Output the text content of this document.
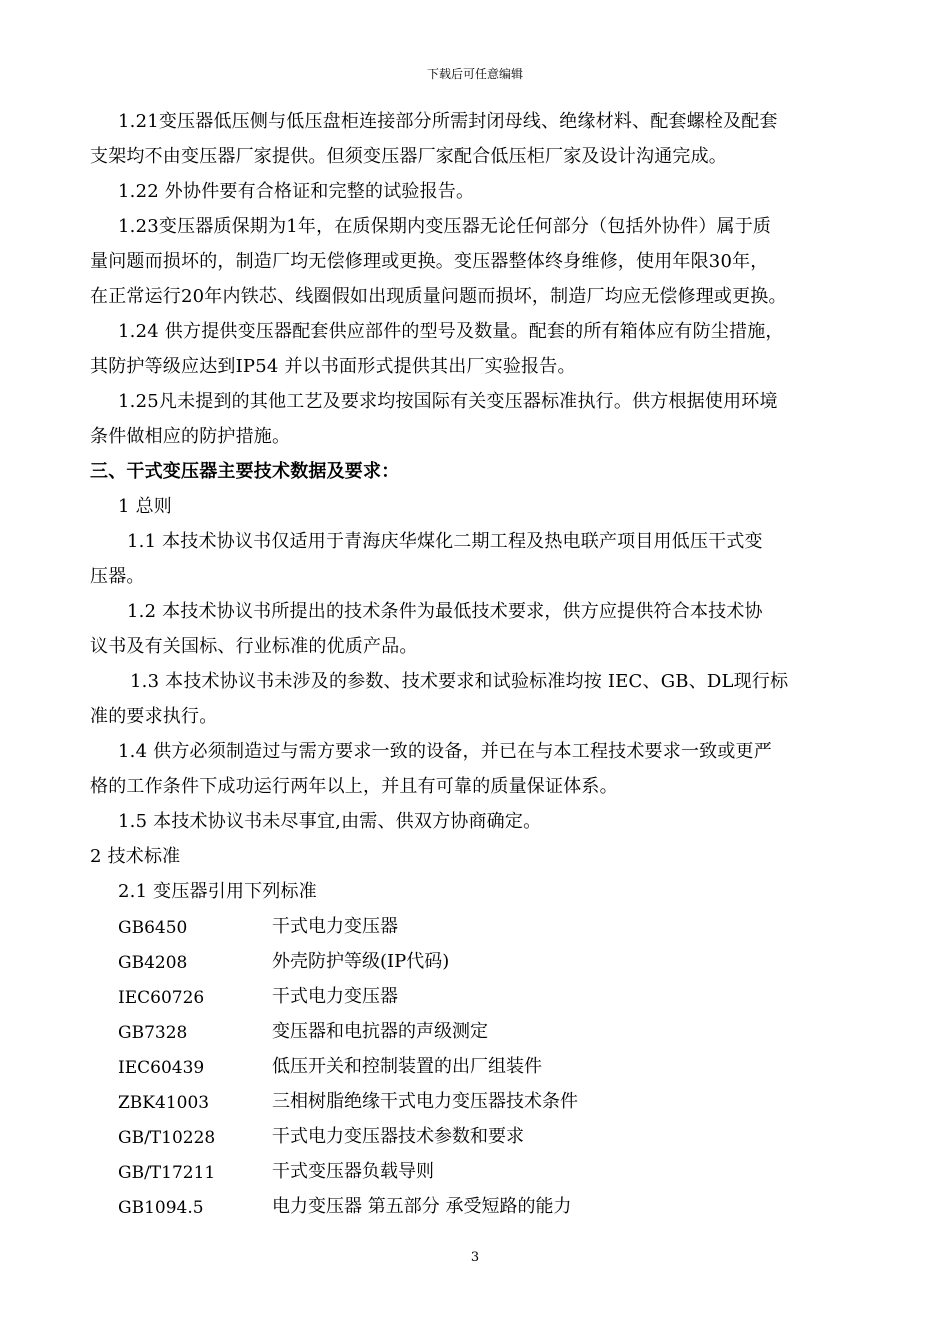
下载后可任意编辑
1.21变压器低压侧与低压盘柜连接部分所需封闭母线、绝缘材料、配套螺栓及配套
支架均不由变压器厂家提供。但须变压器厂家配合低压柜厂家及设计沟通完成。
1.22 外协件要有合格证和完整的试验报告。
1.23变压器质保期为1年，在质保期内变压器无论任何部分（包括外协件）属于质
量问题而损坏的，制造厂均无偿修理或更换。变压器整体终身维修，使用年限30年，
在正常运行20年内铁芯、线圈假如出现质量问题而损坏，制造厂均应无偿修理或更换。
1.24 供方提供变压器配套供应部件的型号及数量。配套的所有箱体应有防尘措施，
其防护等级应达到IP54 并以书面形式提供其出厂实验报告。
1.25凡未提到的其他工艺及要求均按国际有关变压器标准执行。供方根据使用环境
条件做相应的防护措施。
三、干式变压器主要技术数据及要求：
1 总则
1.1 本技术协议书仅适用于青海庆华煤化二期工程及热电联产项目用低压干式变
压器。
1.2 本技术协议书所提出的技术条件为最低技术要求，供方应提供符合本技术协
议书及有关国标、行业标准的优质产品。
1.3 本技术协议书未涉及的参数、技术要求和试验标准均按 IEC、GB、DL现行标
准的要求执行。
1.4 供方必须制造过与需方要求一致的设备，并已在与本工程技术要求一致或更严
格的工作条件下成功运行两年以上，并且有可靠的质量保证体系。
1.5 本技术协议书未尽事宜,由需、供双方协商确定。
2 技术标准
2.1 变压器引用下列标准
GB6450	干式电力变压器
GB4208	外壳防护等级(IP代码)
IEC60726	干式电力变压器
GB7328	变压器和电抗器的声级测定
IEC60439	低压开关和控制装置的出厂组装件
ZBK41003	三相树脂绝缘干式电力变压器技术条件
GB/T10228	干式电力变压器技术参数和要求
GB/T17211	干式变压器负载导则
GB1094.5	电力变压器 第五部分 承受短路的能力
3
